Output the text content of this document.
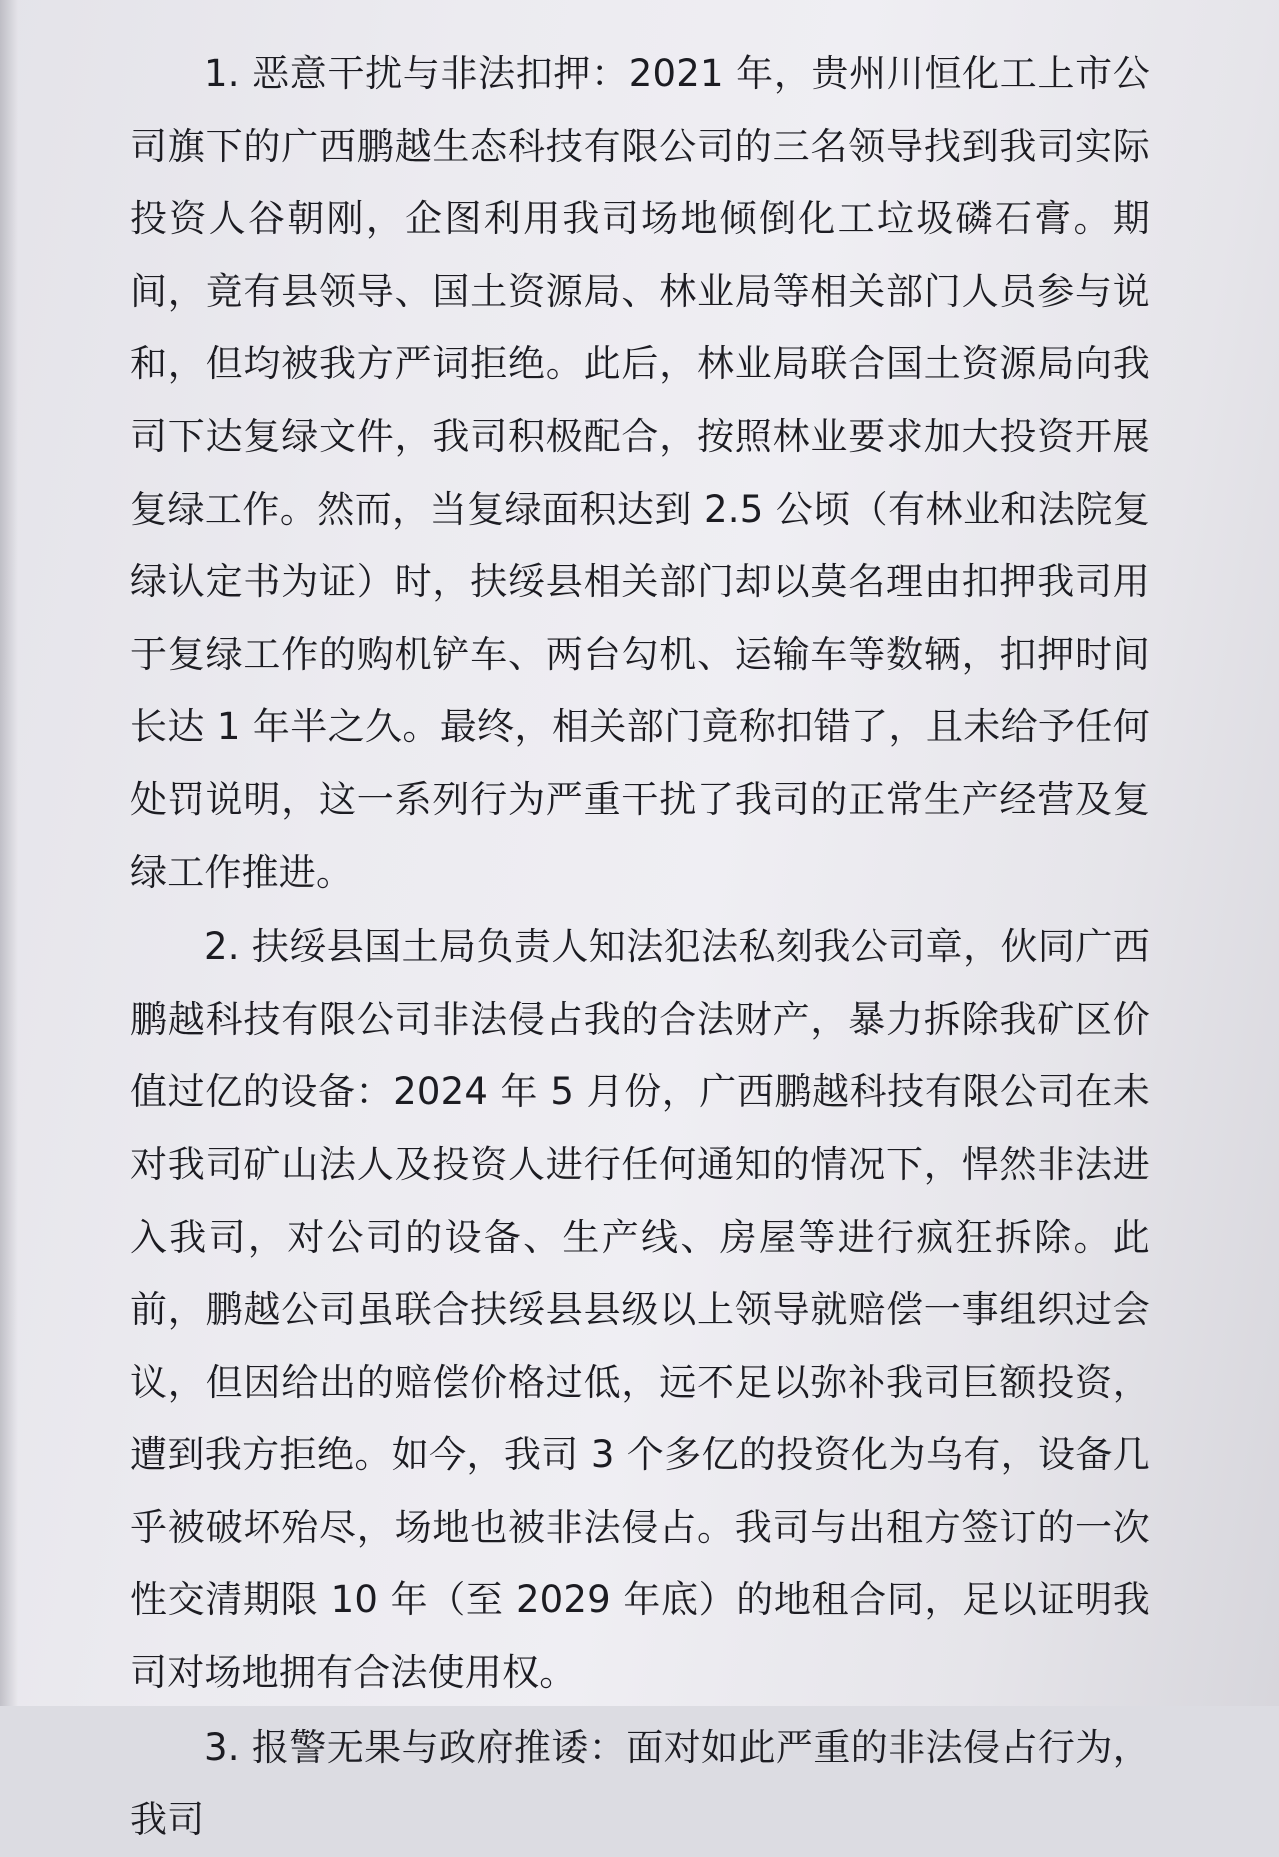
1. 恶意干扰与非法扣押：2021 年，贵州川恒化工上市公司旗下的广西鹏越生态科技有限公司的三名领导找到我司实际投资人谷朝刚，企图利用我司场地倾倒化工垃圾磷石膏。期间，竟有县领导、国土资源局、林业局等相关部门人员参与说和，但均被我方严词拒绝。此后，林业局联合国土资源局向我司下达复绿文件，我司积极配合，按照林业要求加大投资开展复绿工作。然而，当复绿面积达到 2.5 公顷（有林业和法院复绿认定书为证）时，扶绥县相关部门却以莫名理由扣押我司用于复绿工作的购机铲车、两台勾机、运输车等数辆，扣押时间长达 1 年半之久。最终，相关部门竟称扣错了，且未给予任何处罚说明，这一系列行为严重干扰了我司的正常生产经营及复绿工作推进。

2. 扶绥县国土局负责人知法犯法私刻我公司章，伙同广西鹏越科技有限公司非法侵占我的合法财产，暴力拆除我矿区价值过亿的设备：2024 年 5 月份，广西鹏越科技有限公司在未对我司矿山法人及投资人进行任何通知的情况下，悍然非法进入我司，对公司的设备、生产线、房屋等进行疯狂拆除。此前，鹏越公司虽联合扶绥县县级以上领导就赔偿一事组织过会议，但因给出的赔偿价格过低，远不足以弥补我司巨额投资，遭到我方拒绝。如今，我司 3 个多亿的投资化为乌有，设备几乎被破坏殆尽，场地也被非法侵占。我司与出租方签订的一次性交清期限 10 年（至 2029 年底）的地租合同，足以证明我司对场地拥有合法使用权。

3. 报警无果与政府推诿：面对如此严重的非法侵占行为，我司
